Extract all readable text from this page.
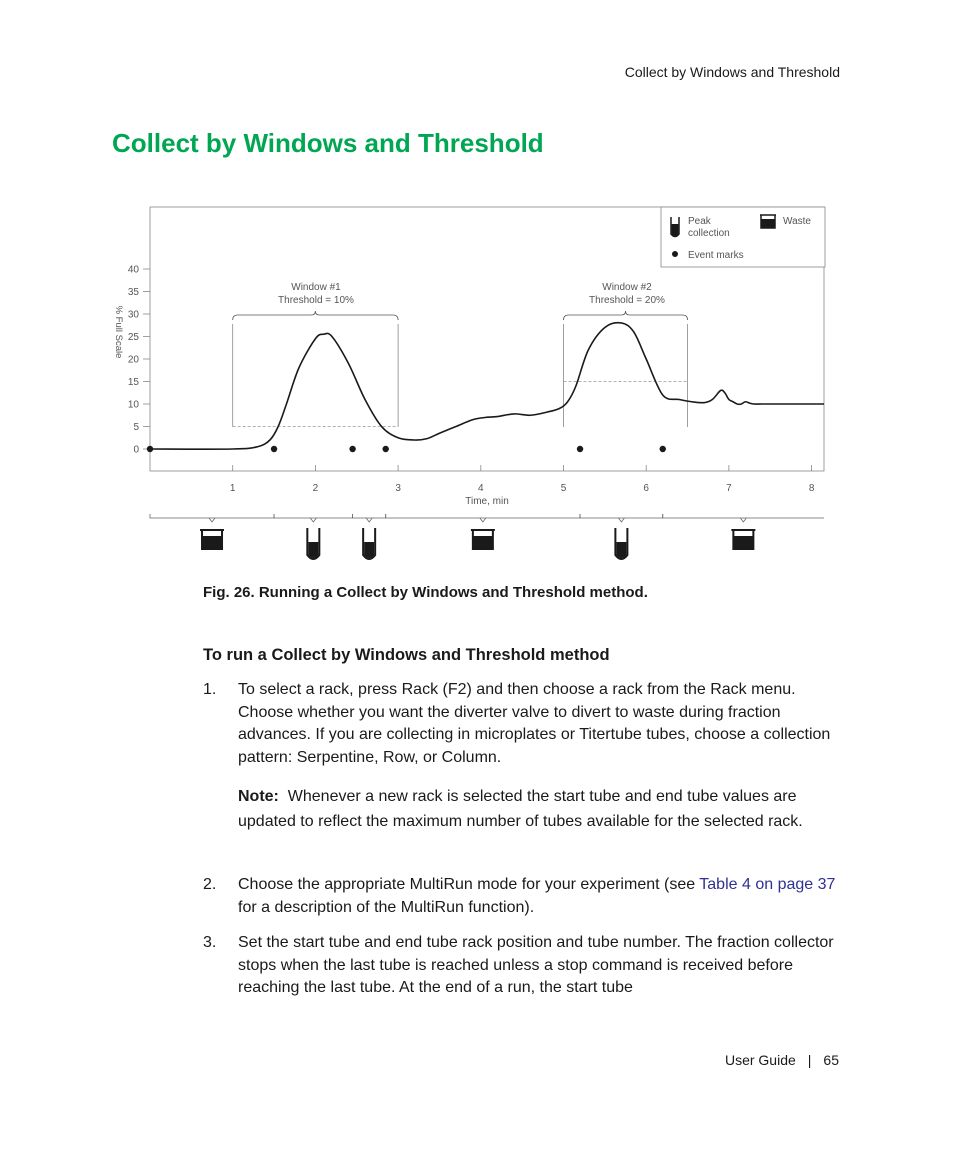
Collect by Windows and Threshold
Collect by Windows and Threshold
0
5
10
15
20
25
30
35
40
1	2	3	4	5	6	7	8
% Full Scale
Time, min
Window #1
Threshold = 10%
Window #2
Threshold = 20%
Peak collection
Waste
Event marks
Fig. 26. Running a Collect by Windows and Threshold method.
To run a Collect by Windows and Threshold method
1. To select a rack, press Rack (F2) and then choose a rack from the Rack menu. Choose whether you want the diverter valve to divert to waste during fraction advances. If you are collecting in microplates or Titertube tubes, choose a collection pattern: Serpentine, Row, or Column.
Note: Whenever a new rack is selected the start tube and end tube values are updated to reflect the maximum number of tubes available for the selected rack.
2. Choose the appropriate MultiRun mode for your experiment (see Table 4 on page 37 for a description of the MultiRun function).
3. Set the start tube and end tube rack position and tube number. The fraction collector stops when the last tube is reached unless a stop command is received before reaching the last tube. At the end of a run, the start tube
User Guide | 65
